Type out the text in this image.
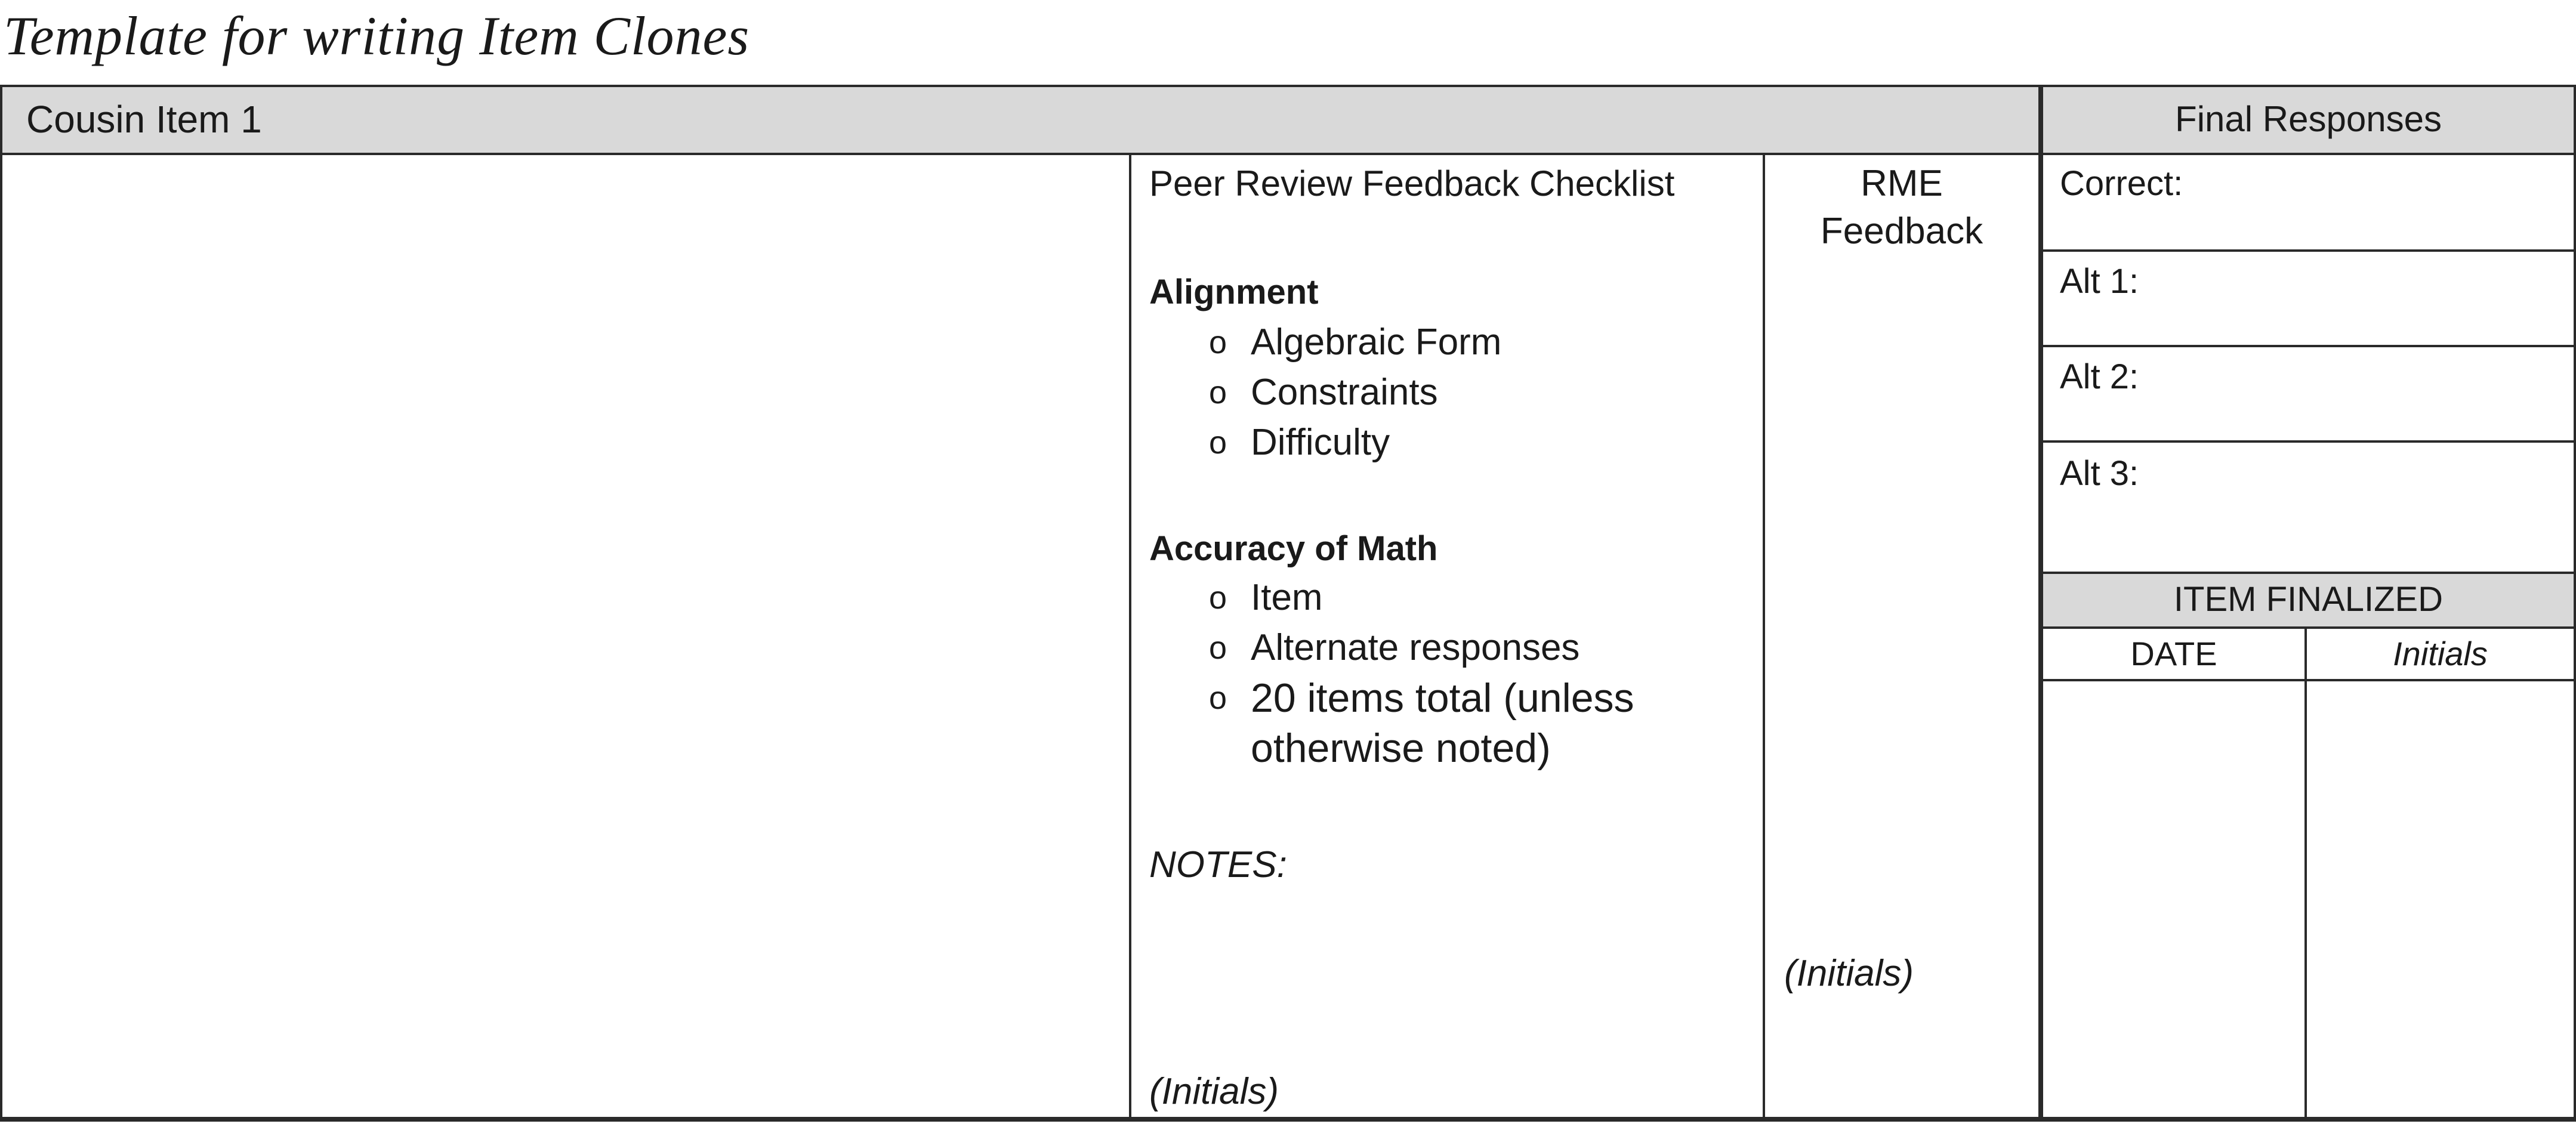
Template for writing Item Clones
Cousin Item 1	Final Responses
Peer Review Feedback Checklist
Alignment
o Algebraic Form
o Constraints
o Difficulty
Accuracy of Math
o Item
o Alternate responses
o 20 items total (unless
otherwise noted)
NOTES:
(Initials)
RME
Feedback
(Initials)
Correct:
Alt 1:
Alt 2:
Alt 3:
ITEM FINALIZED
DATE	Initials
